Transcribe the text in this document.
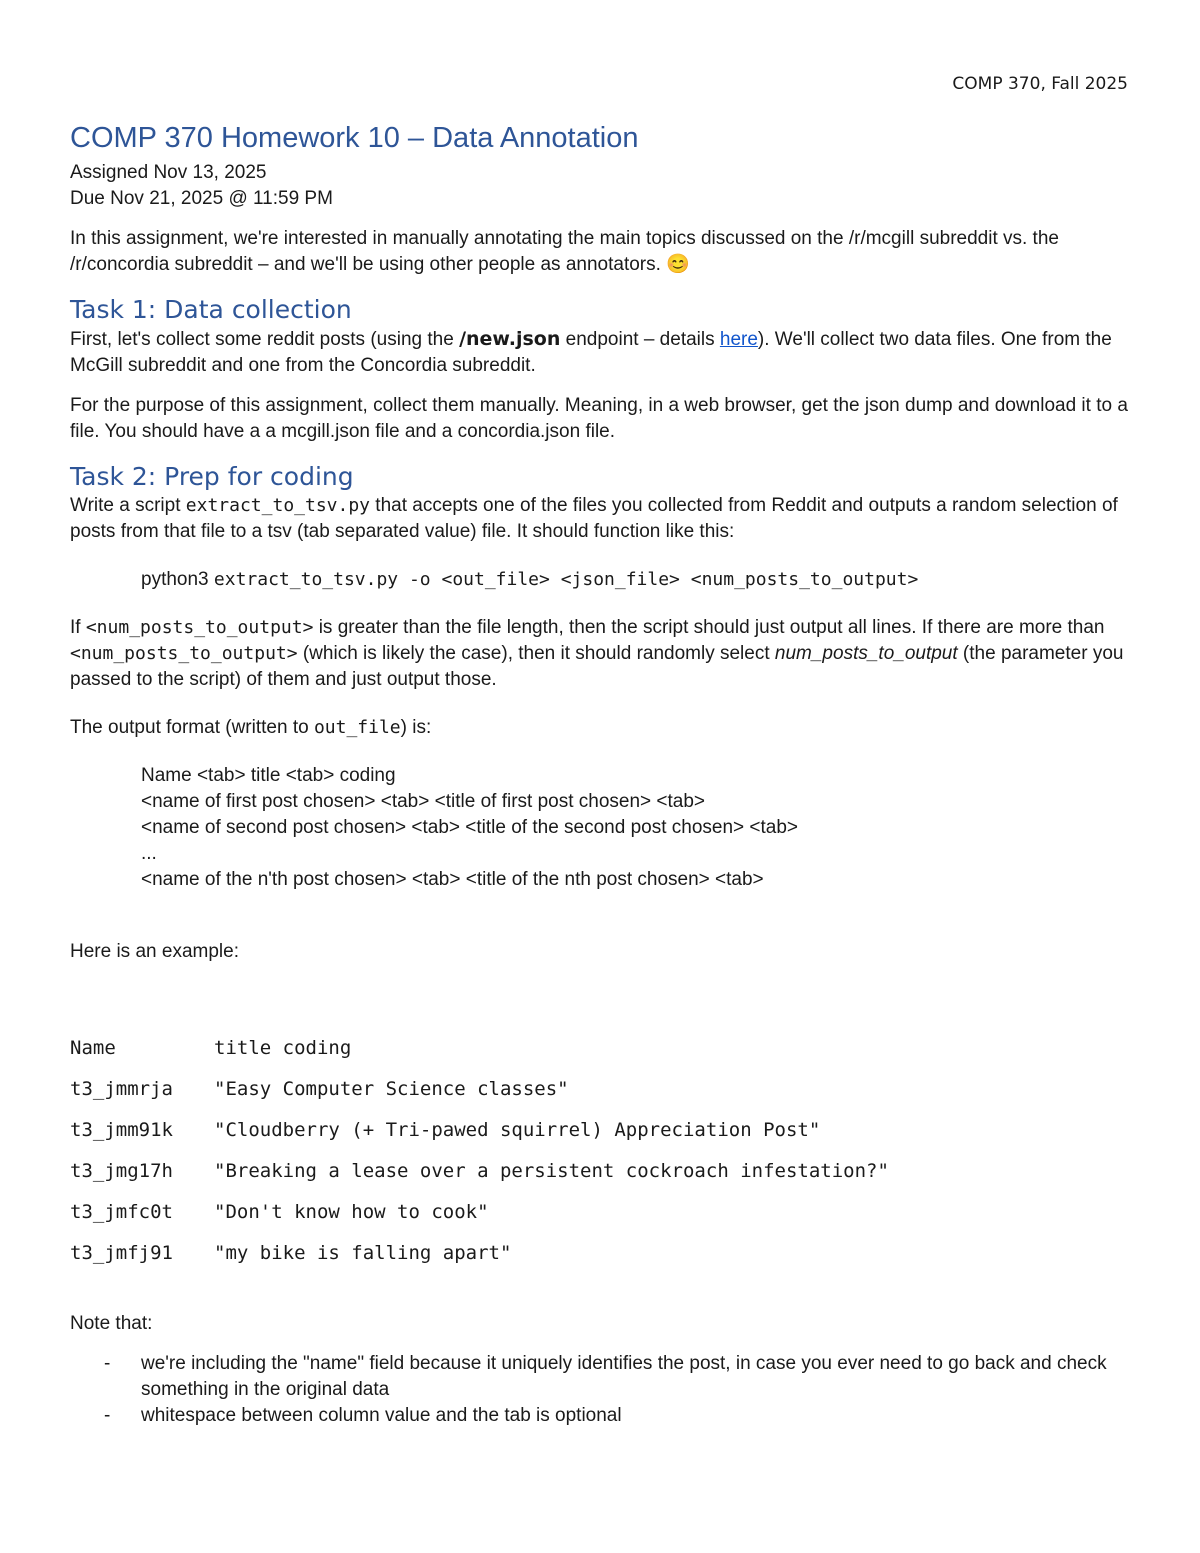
COMP 370, Fall 2025
COMP 370 Homework 10 – Data Annotation

Assigned Nov 13, 2025

Due Nov 21, 2025 @ 11:59 PM

In this assignment, we're interested in manually annotating the main topics discussed on the /r/mcgill subreddit vs. the /r/concordia subreddit – and we'll be using other people as annotators. 😊

Task 1: Data collection

First, let's collect some reddit posts (using the /new.json endpoint – details here). We'll collect two data files. One from the McGill subreddit and one from the Concordia subreddit.

For the purpose of this assignment, collect them manually. Meaning, in a web browser, get the json dump and download it to a file. You should have a a mcgill.json file and a concordia.json file.

Task 2: Prep for coding

Write a script extract_to_tsv.py that accepts one of the files you collected from Reddit and outputs a random selection of posts from that file to a tsv (tab separated value) file. It should function like this:

python3 extract_to_tsv.py -o <out_file> <json_file> <num_posts_to_output>

If <num_posts_to_output> is greater than the file length, then the script should just output all lines. If there are more than <num_posts_to_output> (which is likely the case), then it should randomly select num_posts_to_output (the parameter you passed to the script) of them and just output those.

The output format (written to out_file) is:

Name <tab> title <tab> coding
<name of first post chosen> <tab> <title of first post chosen> <tab>
<name of second post chosen> <tab> <title of the second post chosen> <tab>
...
<name of the n'th post chosen> <tab> <title of the nth post chosen> <tab>

Here is an example:

Name	title coding
t3_jmmrja "Easy Computer Science classes"
t3_jmm91k "Cloudberry (+ Tri-pawed squirrel) Appreciation Post"
t3_jmg17h "Breaking a lease over a persistent cockroach infestation?"
t3_jmfc0t "Don't know how to cook"
t3_jmfj91 "my bike is falling apart"

Note that:

- we're including the "name" field because it uniquely identifies the post, in case you ever need to go back and check something in the original data
- whitespace between column value and the tab is optional
